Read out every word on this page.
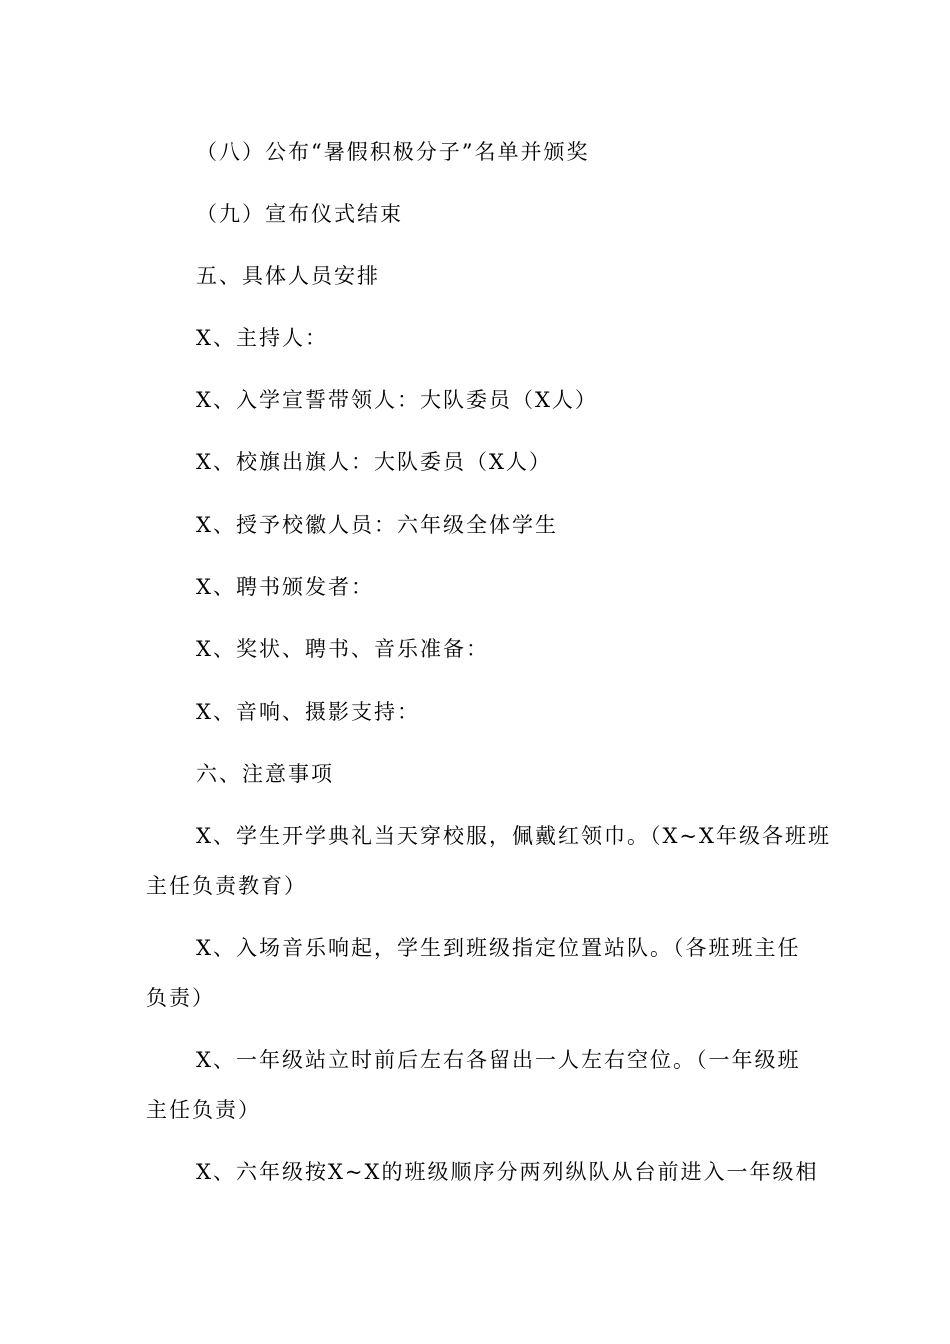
（八）公布“暑假积极分子”名单并颁奖
（九）宣布仪式结束
五、具体人员安排
X、主持人：
X、入学宣誓带领人：大队委员（X人）
X、校旗出旗人：大队委员（X人）
X、授予校徽人员：六年级全体学生
X、聘书颁发者：
X、奖状、聘书、音乐准备：
X、音响、摄影支持：
六、注意事项
X、学生开学典礼当天穿校服，佩戴红领巾。（X~X年级各班班
主任负责教育）
X、入场音乐响起，学生到班级指定位置站队。（各班班主任
负责）
X、一年级站立时前后左右各留出一人左右空位。（一年级班
主任负责）
X、六年级按X~X的班级顺序分两列纵队从台前进入一年级相
